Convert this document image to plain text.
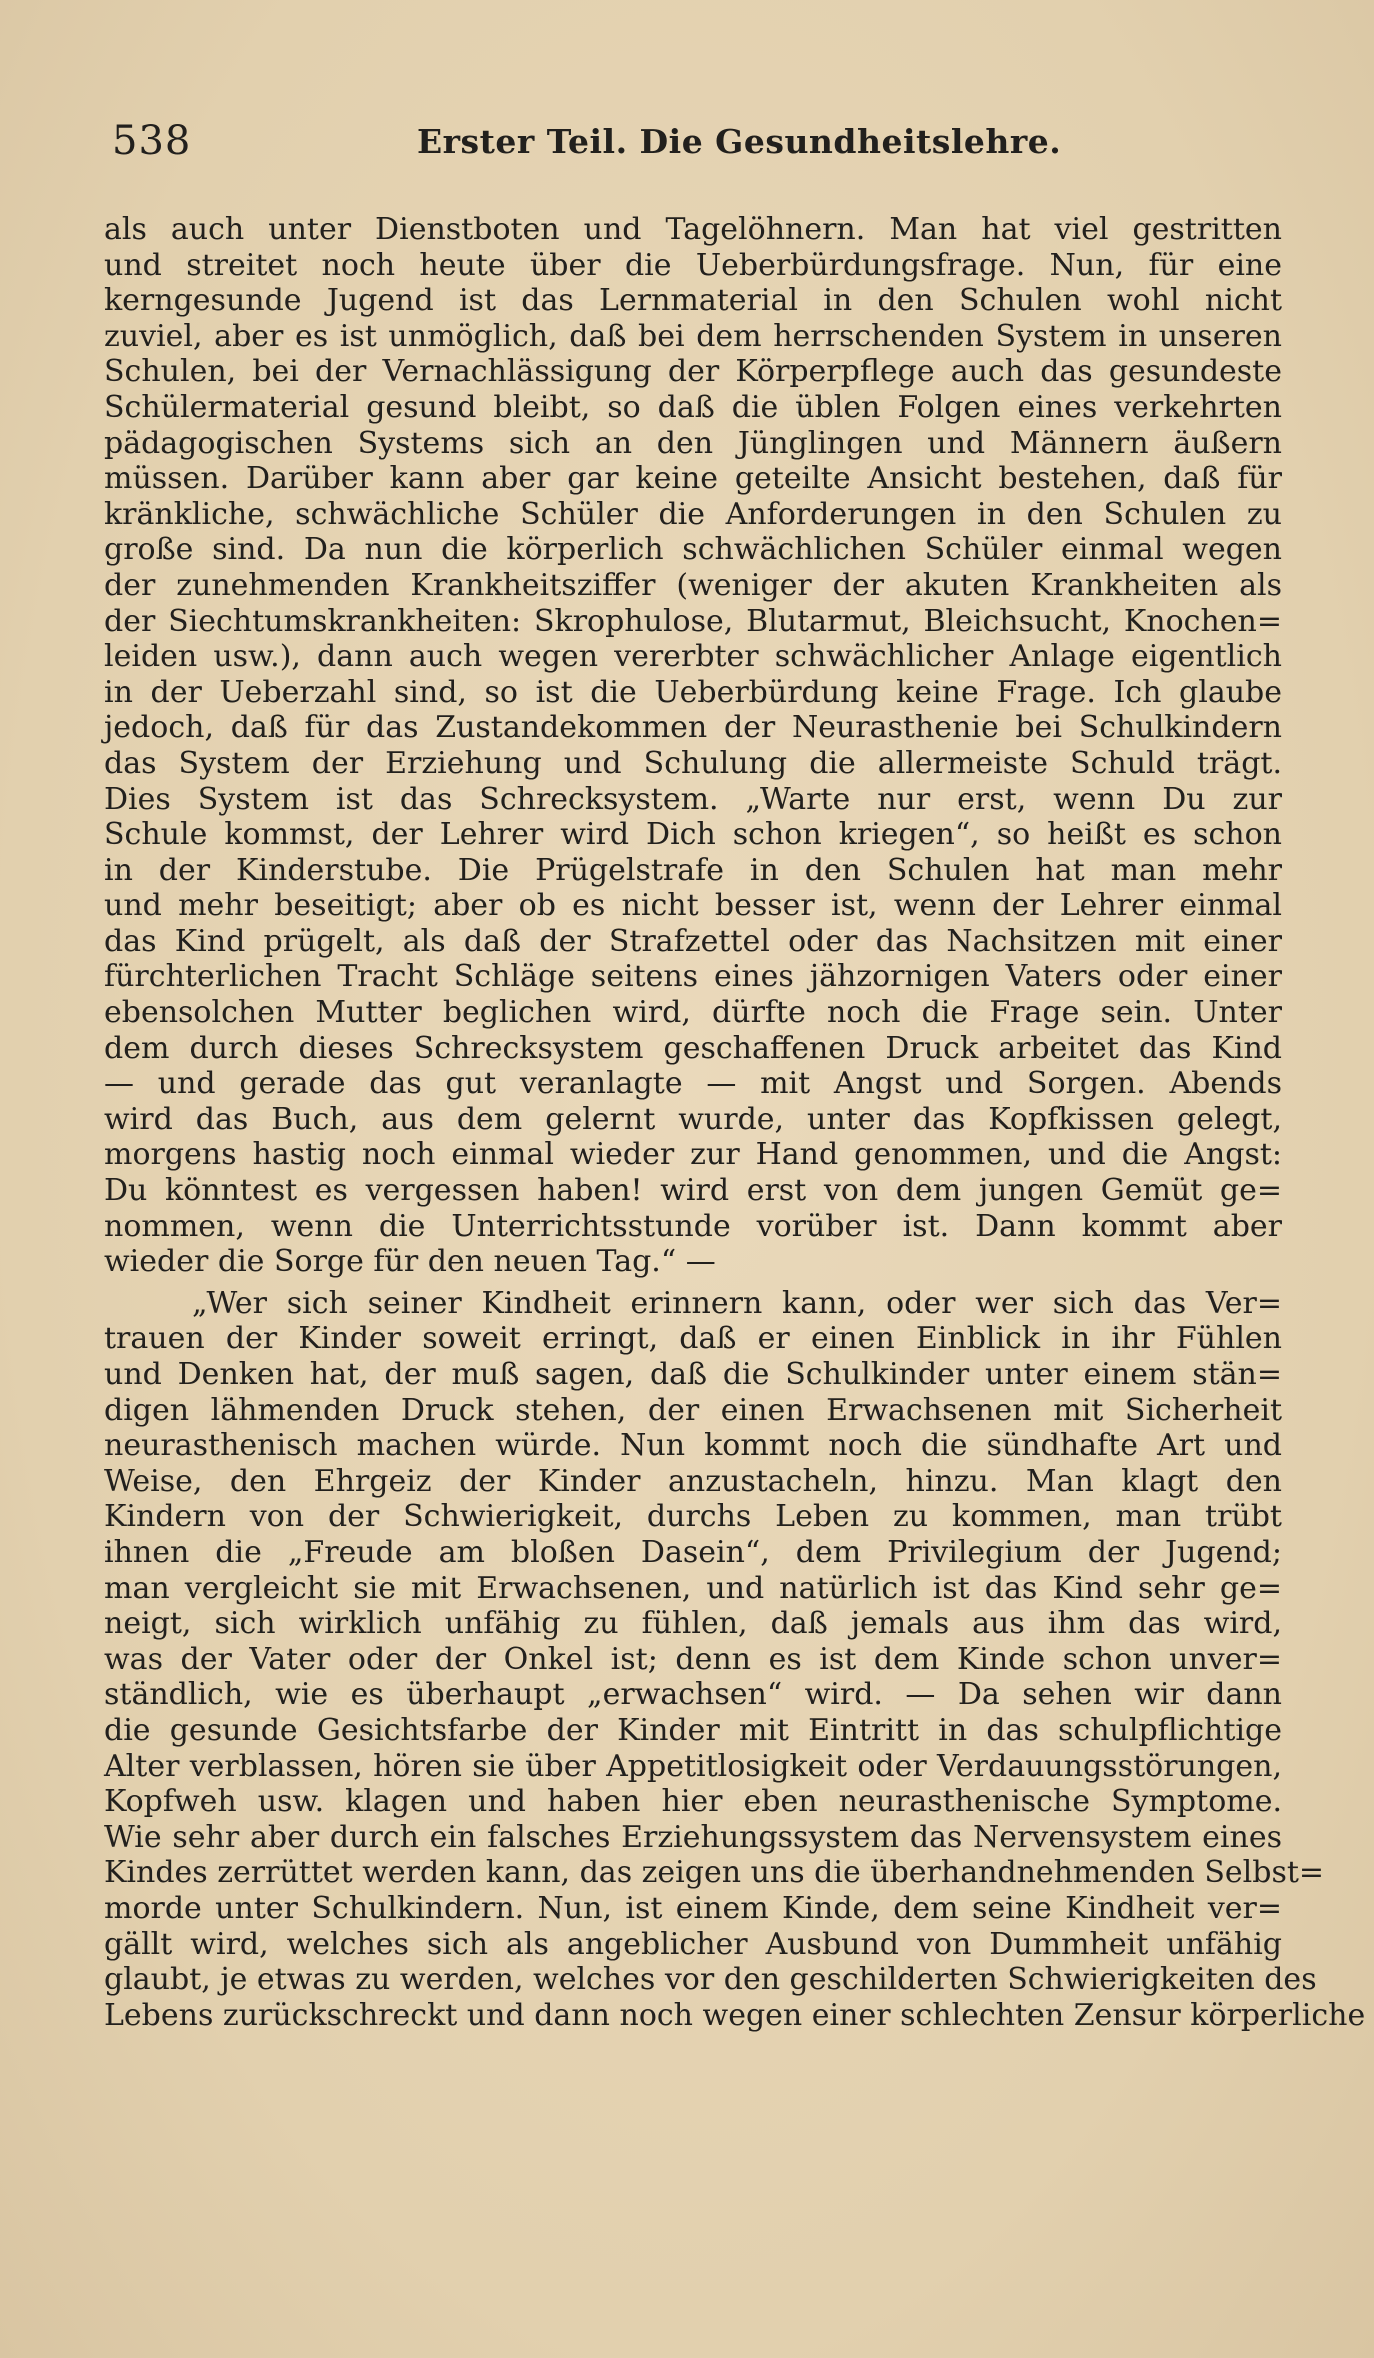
538	Erster Teil. Die Gesundheitslehre.
als auch unter Dienstboten und Tagelöhnern. Man hat viel gestritten
und streitet noch heute über die Ueberbürdungsfrage. Nun, für eine
kerngesunde Jugend ist das Lernmaterial in den Schulen wohl nicht
zuviel, aber es ist unmöglich, daß bei dem herrschenden System in unseren
Schulen, bei der Vernachlässigung der Körperpflege auch das gesundeste
Schülermaterial gesund bleibt, so daß die üblen Folgen eines verkehrten
pädagogischen Systems sich an den Jünglingen und Männern äußern
müssen. Darüber kann aber gar keine geteilte Ansicht bestehen, daß für
kränkliche, schwächliche Schüler die Anforderungen in den Schulen zu
große sind. Da nun die körperlich schwächlichen Schüler einmal wegen
der zunehmenden Krankheitsziffer (weniger der akuten Krankheiten als
der Siechtumskrankheiten: Skrophulose, Blutarmut, Bleichsucht, Knochen=
leiden usw.), dann auch wegen vererbter schwächlicher Anlage eigentlich
in der Ueberzahl sind, so ist die Ueberbürdung keine Frage. Ich glaube
jedoch, daß für das Zustandekommen der Neurasthenie bei Schulkindern
das System der Erziehung und Schulung die allermeiste Schuld trägt.
Dies System ist das Schrecksystem. „Warte nur erst, wenn Du zur
Schule kommst, der Lehrer wird Dich schon kriegen“, so heißt es schon
in der Kinderstube. Die Prügelstrafe in den Schulen hat man mehr
und mehr beseitigt; aber ob es nicht besser ist, wenn der Lehrer einmal
das Kind prügelt, als daß der Strafzettel oder das Nachsitzen mit einer
fürchterlichen Tracht Schläge seitens eines jähzornigen Vaters oder einer
ebensolchen Mutter beglichen wird, dürfte noch die Frage sein. Unter
dem durch dieses Schrecksystem geschaffenen Druck arbeitet das Kind
— und gerade das gut veranlagte — mit Angst und Sorgen. Abends
wird das Buch, aus dem gelernt wurde, unter das Kopfkissen gelegt,
morgens hastig noch einmal wieder zur Hand genommen, und die Angst:
Du könntest es vergessen haben! wird erst von dem jungen Gemüt ge=
nommen, wenn die Unterrichtsstunde vorüber ist. Dann kommt aber
wieder die Sorge für den neuen Tag.“ —
„Wer sich seiner Kindheit erinnern kann, oder wer sich das Ver=
trauen der Kinder soweit erringt, daß er einen Einblick in ihr Fühlen
und Denken hat, der muß sagen, daß die Schulkinder unter einem stän=
digen lähmenden Druck stehen, der einen Erwachsenen mit Sicherheit
neurasthenisch machen würde. Nun kommt noch die sündhafte Art und
Weise, den Ehrgeiz der Kinder anzustacheln, hinzu. Man klagt den
Kindern von der Schwierigkeit, durchs Leben zu kommen, man trübt
ihnen die „Freude am bloßen Dasein“, dem Privilegium der Jugend;
man vergleicht sie mit Erwachsenen, und natürlich ist das Kind sehr ge=
neigt, sich wirklich unfähig zu fühlen, daß jemals aus ihm das wird,
was der Vater oder der Onkel ist; denn es ist dem Kinde schon unver=
ständlich, wie es überhaupt „erwachsen“ wird. — Da sehen wir dann
die gesunde Gesichtsfarbe der Kinder mit Eintritt in das schulpflichtige
Alter verblassen, hören sie über Appetitlosigkeit oder Verdauungsstörungen,
Kopfweh usw. klagen und haben hier eben neurasthenische Symptome.
Wie sehr aber durch ein falsches Erziehungssystem das Nervensystem eines
Kindes zerrüttet werden kann, das zeigen uns die überhandnehmenden Selbst=
morde unter Schulkindern. Nun, ist einem Kinde, dem seine Kindheit ver=
gällt wird, welches sich als angeblicher Ausbund von Dummheit unfähig
glaubt, je etwas zu werden, welches vor den geschilderten Schwierigkeiten des
Lebens zurückschreckt und dann noch wegen einer schlechten Zensur körperliche
